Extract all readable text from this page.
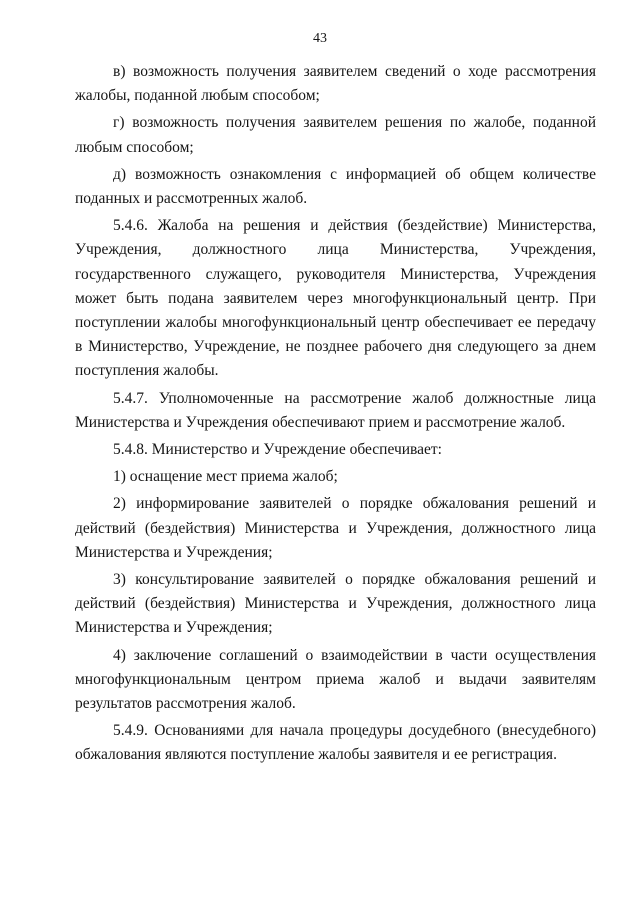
43

в) возможность получения заявителем сведений о ходе рассмотрения жалобы, поданной любым способом;

г) возможность получения заявителем решения по жалобе, поданной любым способом;

д) возможность ознакомления с информацией об общем количестве поданных и рассмотренных жалоб.

5.4.6. Жалоба на решения и действия (бездействие) Министерства, Учреждения, должностного лица Министерства, Учреждения, государственного служащего, руководителя Министерства, Учреждения может быть подана заявителем через многофункциональный центр. При поступлении жалобы многофункциональный центр обеспечивает ее передачу в Министерство, Учреждение, не позднее рабочего дня следующего за днем поступления жалобы.

5.4.7. Уполномоченные на рассмотрение жалоб должностные лица Министерства и Учреждения обеспечивают прием и рассмотрение жалоб.

5.4.8. Министерство и Учреждение обеспечивает:

1) оснащение мест приема жалоб;

2) информирование заявителей о порядке обжалования решений и действий (бездействия) Министерства и Учреждения, должностного лица Министерства и Учреждения;

3) консультирование заявителей о порядке обжалования решений и действий (бездействия) Министерства и Учреждения, должностного лица Министерства и Учреждения;

4) заключение соглашений о взаимодействии в части осуществления многофункциональным центром приема жалоб и выдачи заявителям результатов рассмотрения жалоб.

5.4.9. Основаниями для начала процедуры досудебного (внесудебного) обжалования являются поступление жалобы заявителя и ее регистрация.
